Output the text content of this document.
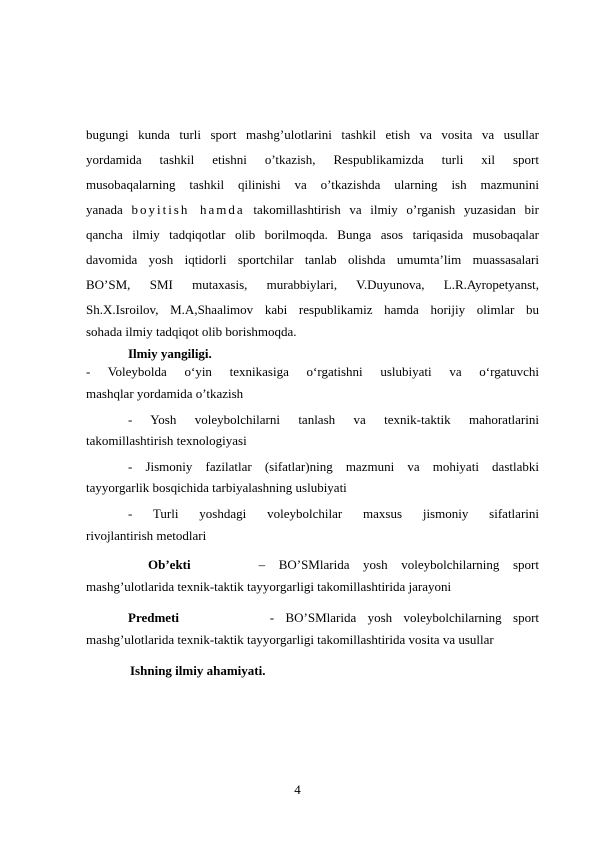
bugungi kunda turli sport mashg’ulotlarini tashkil etish va vosita va usullar
yordamida tashkil etishni o’tkazish, Respublikamizda turli xil sport
musobaqalarning tashkil qilinishi va o’tkazishda ularning ish mazmunini
yanada boyitish hamda takomillashtirish va ilmiy o’rganish yuzasidan bir
qancha ilmiy tadqiqotlar olib borilmoqda. Bunga asos tariqasida musobaqalar
davomida yosh iqtidorli sportchilar tanlab olishda umumta’lim muassasalari
BO’SM, SMI mutaxasis, murabbiylari, V.Duyunova, L.R.Ayropetyanst,
Sh.X.Isroilov, M.A,Shaalimov kabi respublikamiz hamda horijiy olimlar bu
sohada ilmiy tadqiqot olib borishmoqda.
Ilmiy yangiligi.
- Voleybolda o‘yin texnikasiga o‘rgatishni uslubiyati va o‘rgatuvchi
mashqlar yordamida o’tkazish
- Yosh voleybolchilarni tanlash va texnik-taktik mahoratlarini
takomillashtirish texnologiyasi
- Jismoniy fazilatlar (sifatlar)ning mazmuni va mohiyati dastlabki
tayyorgarlik bosqichida tarbiyalashning uslubiyati
- Turli yoshdagi voleybolchilar maxsus jismoniy sifatlarini
rivojlantirish metodlari
Ob’ekti	– BO’SMlarida yosh voleybolchilarning sport
mashg’ulotlarida texnik-taktik tayyorgarligi takomillashtirida jarayoni
Predmeti	- BO’SMlarida yosh voleybolchilarning sport
mashg’ulotlarida texnik-taktik tayyorgarligi takomillashtirida vosita va usullar
Ishning ilmiy ahamiyati.
4
